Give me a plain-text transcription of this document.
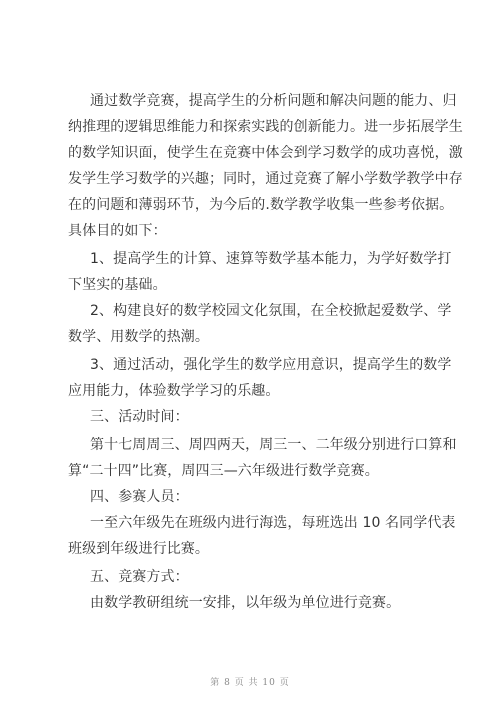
通过数学竞赛，提高学生的分析问题和解决问题的能力、归
纳推理的逻辑思维能力和探索实践的创新能力。进一步拓展学生
的数学知识面，使学生在竞赛中体会到学习数学的成功喜悦，激
发学生学习数学的兴趣；同时，通过竞赛了解小学数学教学中存
在的问题和薄弱环节，为今后的.数学教学收集一些参考依据。
具体目的如下：
1、提高学生的计算、速算等数学基本能力，为学好数学打
下坚实的基础。
2、构建良好的数学校园文化氛围，在全校掀起爱数学、学
数学、用数学的热潮。
3、通过活动，强化学生的数学应用意识，提高学生的数学
应用能力，体验数学学习的乐趣。
三、活动时间：
第十七周周三、周四两天，周三一、二年级分别进行口算和
算“二十四”比赛，周四三—六年级进行数学竞赛。
四、参赛人员：
一至六年级先在班级内进行海选，每班选出 10 名同学代表
班级到年级进行比赛。
五、竞赛方式：
由数学教研组统一安排，以年级为单位进行竞赛。
第 8 页 共 10 页
